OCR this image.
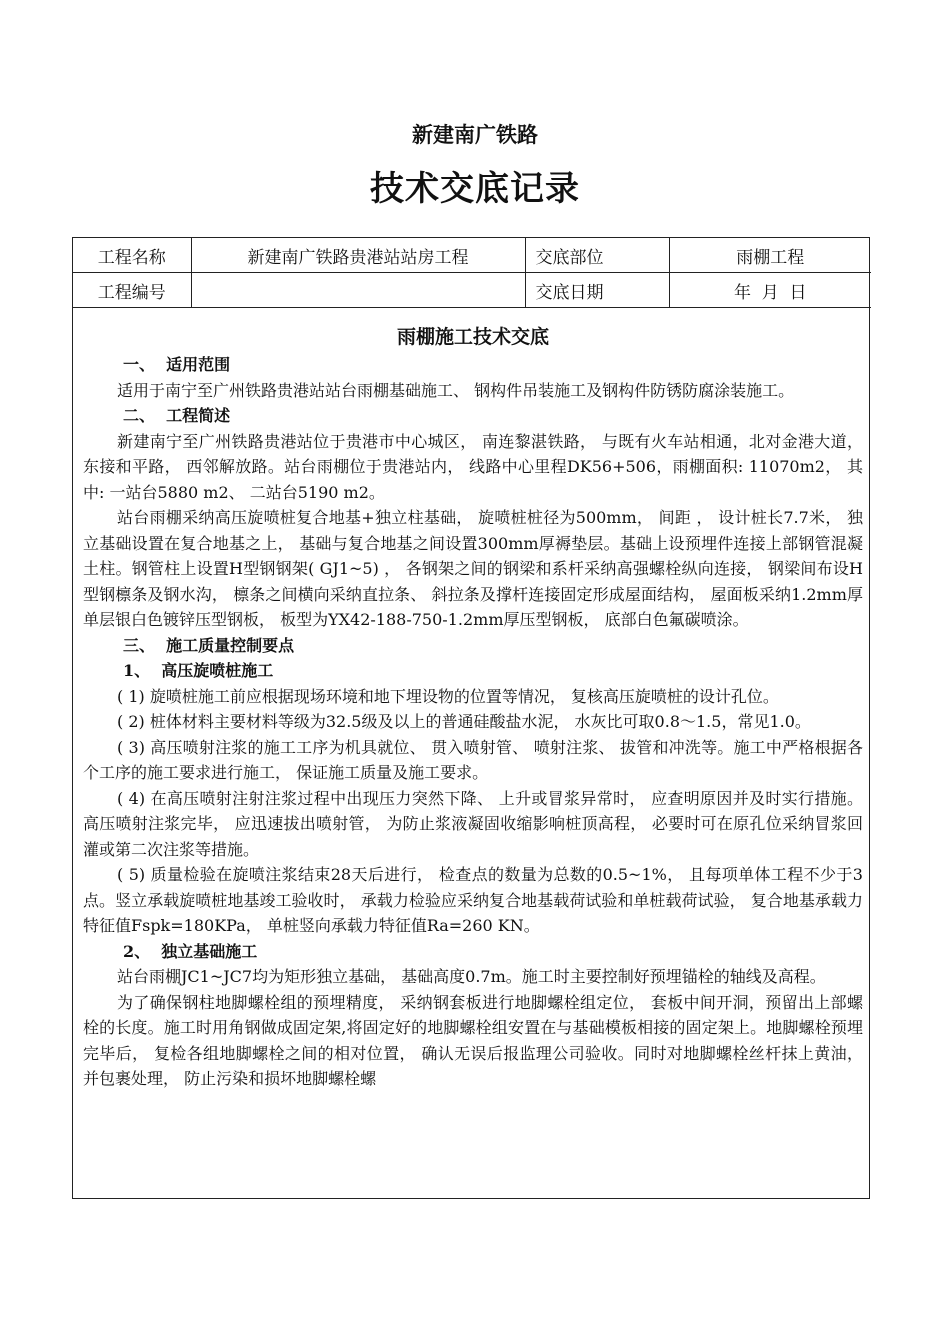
新建南广铁路
技术交底记录
工程名称	新建南广铁路贵港站站房工程	交底部位	雨棚工程
工程编号		交底日期	年  月  日
雨棚施工技术交底
一、  适用范围
适用于南宁至广州铁路贵港站站台雨棚基础施工、 钢构件吊装施工及钢构件防锈防腐涂装施工。
二、  工程简述
新建南宁至广州铁路贵港站位于贵港市中心城区， 南连黎湛铁路， 与既有火车站相通，北对金港大道， 东接和平路， 西邻解放路。站台雨棚位于贵港站内， 线路中心里程DK56+506，雨棚面积: 11070m2， 其中: 一站台5880 m2、 二站台5190 m2。
站台雨棚采纳高压旋喷桩复合地基+独立柱基础， 旋喷桩桩径为500mm， 间距 ， 设计桩长7.7米， 独立基础设置在复合地基之上， 基础与复合地基之间设置300mm厚褥垫层。基础上设预埋件连接上部钢管混凝土柱。钢管柱上设置H型钢钢架( GJ1~5) ， 各钢架之间的钢梁和系杆采纳高强螺栓纵向连接， 钢梁间布设H型钢檩条及钢水沟， 檩条之间横向采纳直拉条、 斜拉条及撑杆连接固定形成屋面结构， 屋面板采纳1.2mm厚单层银白色镀锌压型钢板， 板型为YX42-188-750-1.2mm厚压型钢板， 底部白色氟碳喷涂。
三、  施工质量控制要点
1、  高压旋喷桩施工
( 1) 旋喷桩施工前应根据现场环境和地下埋设物的位置等情况， 复核高压旋喷桩的设计孔位。
( 2) 桩体材料主要材料等级为32.5级及以上的普通硅酸盐水泥， 水灰比可取0.8～1.5，常见1.0。
( 3) 高压喷射注浆的施工工序为机具就位、 贯入喷射管、 喷射注浆、 拔管和冲洗等。施工中严格根据各个工序的施工要求进行施工， 保证施工质量及施工要求。
( 4) 在高压喷射注射注浆过程中出现压力突然下降、 上升或冒浆异常时， 应查明原因并及时实行措施。高压喷射注浆完毕， 应迅速拔出喷射管， 为防止浆液凝固收缩影响桩顶高程， 必要时可在原孔位采纳冒浆回灌或第二次注浆等措施。
( 5) 质量检验在旋喷注浆结束28天后进行， 检查点的数量为总数的0.5~1%， 且每项单体工程不少于3点。竖立承载旋喷桩地基竣工验收时， 承载力检验应采纳复合地基载荷试验和单桩载荷试验， 复合地基承载力特征值Fspk=180KPa， 单桩竖向承载力特征值Ra=260 KN。
2、  独立基础施工
站台雨棚JC1~JC7均为矩形独立基础， 基础高度0.7m。施工时主要控制好预埋锚栓的轴线及高程。
为了确保钢柱地脚螺栓组的预埋精度， 采纳钢套板进行地脚螺栓组定位， 套板中间开洞，预留出上部螺栓的长度。施工时用角钢做成固定架,将固定好的地脚螺栓组安置在与基础模板相接的固定架上。地脚螺栓预埋完毕后， 复检各组地脚螺栓之间的相对位置， 确认无误后报监理公司验收。同时对地脚螺栓丝杆抹上黄油， 并包裹处理， 防止污染和损坏地脚螺栓螺
